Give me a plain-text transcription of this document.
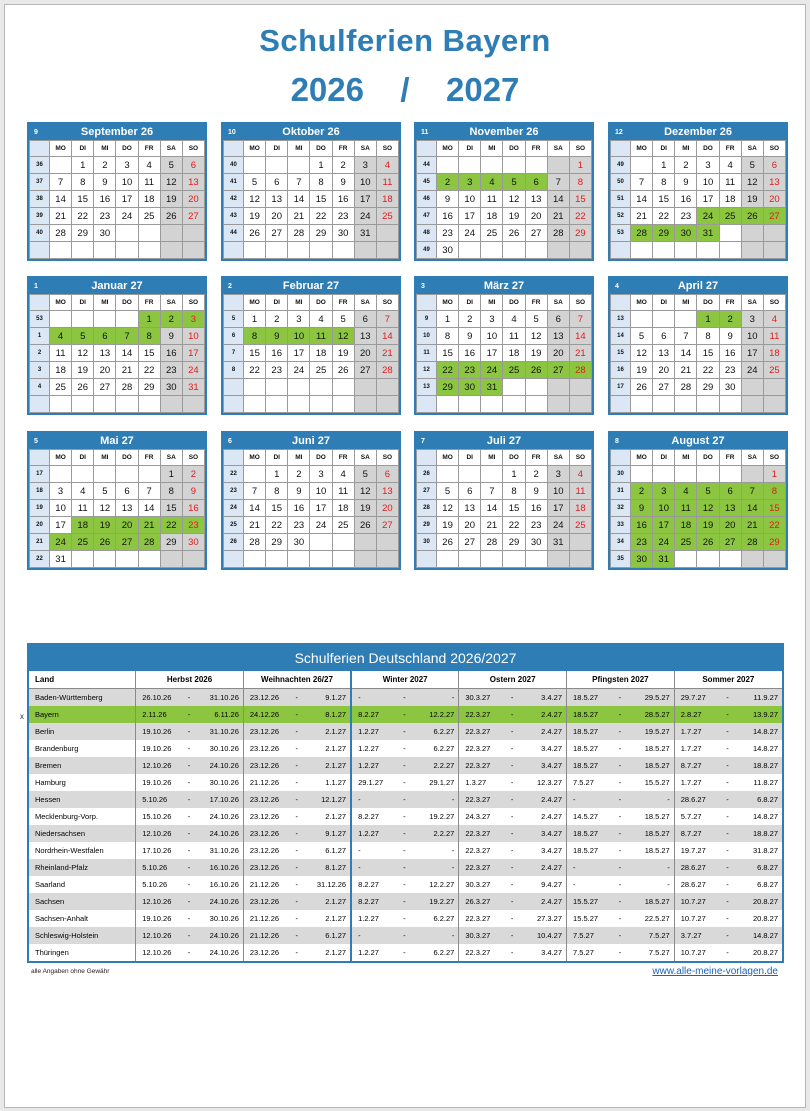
Schulferien Bayern
2026 / 2027
9	September 26
	MO	DI	MI	DO	FR	SA	SO
36		1	2	3	4	5	6
37	7	8	9	10	11	12	13
38	14	15	16	17	18	19	20
39	21	22	23	24	25	26	27
40	28	29	30				

10	Oktober 26
	MO	DI	MI	DO	FR	SA	SO
40				1	2	3	4
41	5	6	7	8	9	10	11
42	12	13	14	15	16	17	18
43	19	20	21	22	23	24	25
44	26	27	28	29	30	31	

11	November 26
	MO	DI	MI	DO	FR	SA	SO
44							1
45	2	3	4	5	6	7	8
46	9	10	11	12	13	14	15
47	16	17	18	19	20	21	22
48	23	24	25	26	27	28	29
49	30						
12	Dezember 26
	MO	DI	MI	DO	FR	SA	SO
49		1	2	3	4	5	6
50	7	8	9	10	11	12	13
51	14	15	16	17	18	19	20
52	21	22	23	24	25	26	27
53	28	29	30	31			

1	Januar 27
	MO	DI	MI	DO	FR	SA	SO
53					1	2	3
1	4	5	6	7	8	9	10
2	11	12	13	14	15	16	17
3	18	19	20	21	22	23	24
4	25	26	27	28	29	30	31

2	Februar 27
	MO	DI	MI	DO	FR	SA	SO
5	1	2	3	4	5	6	7
6	8	9	10	11	12	13	14
7	15	16	17	18	19	20	21
8	22	23	24	25	26	27	28

3	März 27
	MO	DI	MI	DO	FR	SA	SO
9	1	2	3	4	5	6	7
10	8	9	10	11	12	13	14
11	15	16	17	18	19	20	21
12	22	23	24	25	26	27	28
13	29	30	31				

4	April 27
	MO	DI	MI	DO	FR	SA	SO
13				1	2	3	4
14	5	6	7	8	9	10	11
15	12	13	14	15	16	17	18
16	19	20	21	22	23	24	25
17	26	27	28	29	30		

5	Mai 27
	MO	DI	MI	DO	FR	SA	SO
17						1	2
18	3	4	5	6	7	8	9
19	10	11	12	13	14	15	16
20	17	18	19	20	21	22	23
21	24	25	26	27	28	29	30
22	31						
6	Juni 27
	MO	DI	MI	DO	FR	SA	SO
22		1	2	3	4	5	6
23	7	8	9	10	11	12	13
24	14	15	16	17	18	19	20
25	21	22	23	24	25	26	27
26	28	29	30				

7	Juli 27
	MO	DI	MI	DO	FR	SA	SO
26				1	2	3	4
27	5	6	7	8	9	10	11
28	12	13	14	15	16	17	18
29	19	20	21	22	23	24	25
30	26	27	28	29	30	31	

8	August 27
	MO	DI	MI	DO	FR	SA	SO
30							1
31	2	3	4	5	6	7	8
32	9	10	11	12	13	14	15
33	16	17	18	19	20	21	22
34	23	24	25	26	27	28	29
35	30	31					
x
Schulferien Deutschland 2026/2027
Land	Herbst 2026			Weihnachten 26/27			Winter 2027			Ostern 2027			Pfingsten 2027			Sommer 2027		
Baden-Württemberg	26.10.26	-	31.10.26	23.12.26	-	9.1.27	-	-	-	30.3.27	-	3.4.27	18.5.27	-	29.5.27	29.7.27	-	11.9.27
Bayern	2.11.26	-	6.11.26	24.12.26	-	8.1.27	8.2.27	-	12.2.27	22.3.27	-	2.4.27	18.5.27	-	28.5.27	2.8.27	-	13.9.27
Berlin	19.10.26	-	31.10.26	23.12.26	-	2.1.27	1.2.27	-	6.2.27	22.3.27	-	2.4.27	18.5.27	-	19.5.27	1.7.27	-	14.8.27
Brandenburg	19.10.26	-	30.10.26	23.12.26	-	2.1.27	1.2.27	-	6.2.27	22.3.27	-	3.4.27	18.5.27	-	18.5.27	1.7.27	-	14.8.27
Bremen	12.10.26	-	24.10.26	23.12.26	-	2.1.27	1.2.27	-	2.2.27	22.3.27	-	3.4.27	18.5.27	-	18.5.27	8.7.27	-	18.8.27
Hamburg	19.10.26	-	30.10.26	21.12.26	-	1.1.27	29.1.27	-	29.1.27	1.3.27	-	12.3.27	7.5.27	-	15.5.27	1.7.27	-	11.8.27
Hessen	5.10.26	-	17.10.26	23.12.26	-	12.1.27	-	-	-	22.3.27	-	2.4.27	-	-	-	28.6.27	-	6.8.27
Mecklenburg-Vorp.	15.10.26	-	24.10.26	23.12.26	-	2.1.27	8.2.27	-	19.2.27	24.3.27	-	2.4.27	14.5.27	-	18.5.27	5.7.27	-	14.8.27
Niedersachsen	12.10.26	-	24.10.26	23.12.26	-	9.1.27	1.2.27	-	2.2.27	22.3.27	-	3.4.27	18.5.27	-	18.5.27	8.7.27	-	18.8.27
Nordrhein-Westfalen	17.10.26	-	31.10.26	23.12.26	-	6.1.27	-	-	-	22.3.27	-	3.4.27	18.5.27	-	18.5.27	19.7.27	-	31.8.27
Rheinland-Pfalz	5.10.26	-	16.10.26	23.12.26	-	8.1.27	-	-	-	22.3.27	-	2.4.27	-	-	-	28.6.27	-	6.8.27
Saarland	5.10.26	-	16.10.26	21.12.26	-	31.12.26	8.2.27	-	12.2.27	30.3.27	-	9.4.27	-	-	-	28.6.27	-	6.8.27
Sachsen	12.10.26	-	24.10.26	23.12.26	-	2.1.27	8.2.27	-	19.2.27	26.3.27	-	2.4.27	15.5.27	-	18.5.27	10.7.27	-	20.8.27
Sachsen-Anhalt	19.10.26	-	30.10.26	21.12.26	-	2.1.27	1.2.27	-	6.2.27	22.3.27	-	27.3.27	15.5.27	-	22.5.27	10.7.27	-	20.8.27
Schleswig-Holstein	12.10.26	-	24.10.26	21.12.26	-	6.1.27	-	-	-	30.3.27	-	10.4.27	7.5.27	-	7.5.27	3.7.27	-	14.8.27
Thüringen	12.10.26	-	24.10.26	23.12.26	-	2.1.27	1.2.27	-	6.2.27	22.3.27	-	3.4.27	7.5.27	-	7.5.27	10.7.27	-	20.8.27
alle Angaben ohne Gewähr	www.alle-meine-vorlagen.de
